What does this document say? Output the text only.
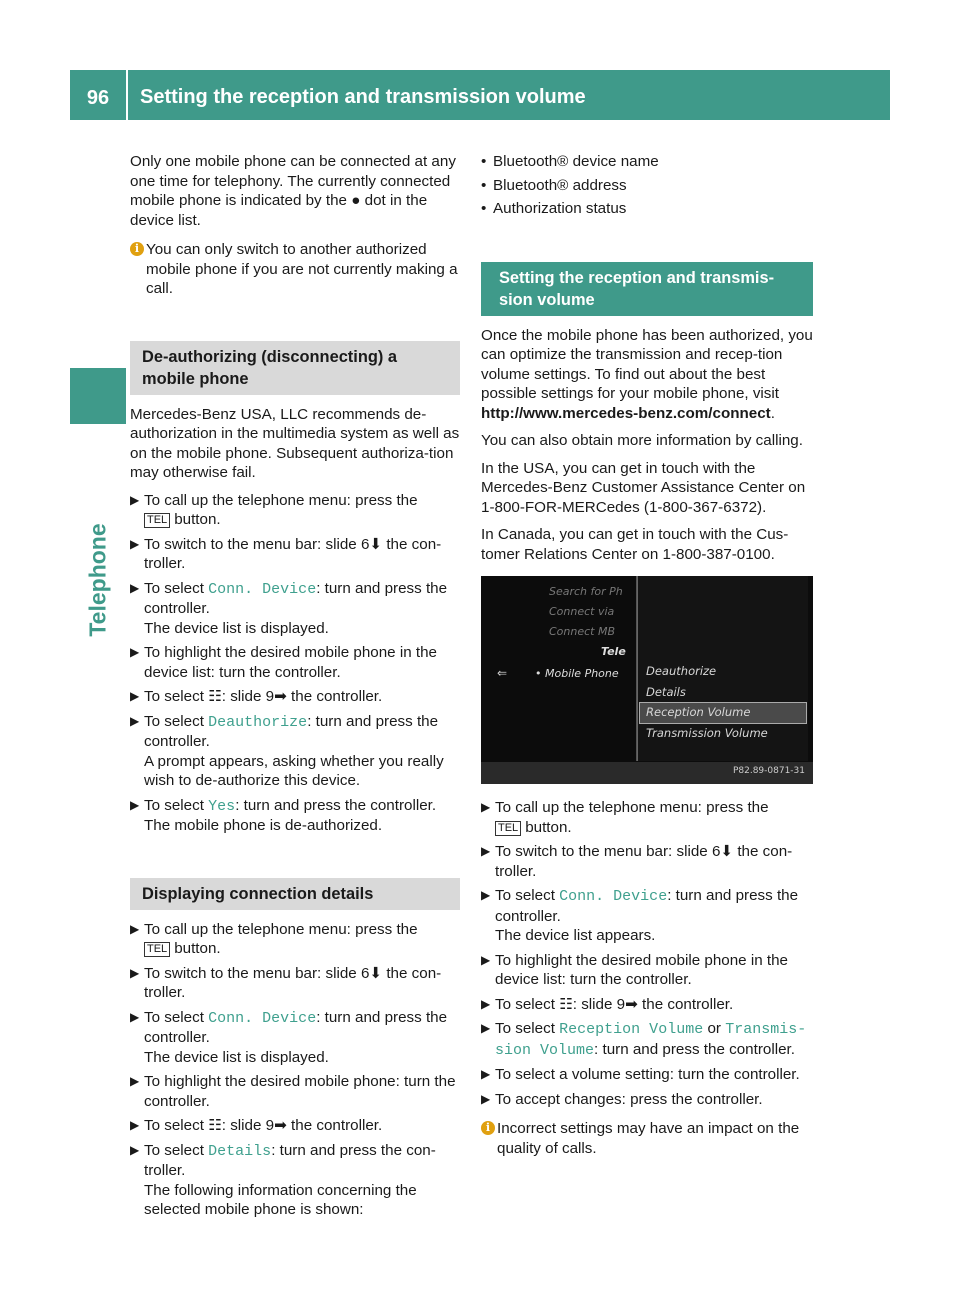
96	Setting the reception and transmission volume
Telephone

Only one mobile phone can be connected at any one time for telephony. The currently connected mobile phone is indicated by the ● dot in the device list.

i You can only switch to another authorized mobile phone if you are not currently making a call.
De-authorizing (disconnecting) a mobile phone

Mercedes-Benz USA, LLC recommends de-authorization in the multimedia system as well as on the mobile phone. Subsequent authoriza-tion may otherwise fail.

▶ To call up the telephone menu: press the
TEL button.
▶ To switch to the menu bar: slide 6⬇ the con-troller.
▶ To select Conn. Device: turn and press the controller.
The device list is displayed.
▶ To highlight the desired mobile phone in the device list: turn the controller.
▶ To select ☷: slide 9➡ the controller.
▶ To select Deauthorize: turn and press the controller.
A prompt appears, asking whether you really wish to de-authorize this device.
▶ To select Yes: turn and press the controller.
The mobile phone is de-authorized.
Displaying connection details
▶ To call up the telephone menu: press the
TEL button.
▶ To switch to the menu bar: slide 6⬇ the con-troller.
▶ To select Conn. Device: turn and press the controller.
The device list is displayed.
▶ To highlight the desired mobile phone: turn the controller.
▶ To select ☷: slide 9➡ the controller.
▶ To select Details: turn and press the con-troller.
The following information concerning the selected mobile phone is shown:
• Bluetooth® device name
• Bluetooth® address
• Authorization status
Setting the reception and transmis-sion volume

Once the mobile phone has been authorized, you can optimize the transmission and recep-tion volume settings. To find out about the best possible settings for your mobile phone, visit
http://www.mercedes-benz.com/connect.

You can also obtain more information by calling.

In the USA, you can get in touch with the Mercedes-Benz Customer Assistance Center on 1-800-FOR-MERCedes (1-800-367-6372).

In Canada, you can get in touch with the Cus-tomer Relations Center on 1-800-387-0100.

Search for Ph
Connect via
Connect MB
Tele
• Mobile Phone
⇐	Deauthorize
Details
Reception Volume
Transmission Volume
P82.89-0871-31
▶ To call up the telephone menu: press the
TEL button.
▶ To switch to the menu bar: slide 6⬇ the con-troller.
▶ To select Conn. Device: turn and press the controller.
The device list appears.
▶ To highlight the desired mobile phone in the device list: turn the controller.
▶ To select ☷: slide 9➡ the controller.
▶ To select Reception Volume or Transmis-sion Volume: turn and press the controller.
▶ To select a volume setting: turn the controller.
▶ To accept changes: press the controller.
i Incorrect settings may have an impact on the quality of calls.
